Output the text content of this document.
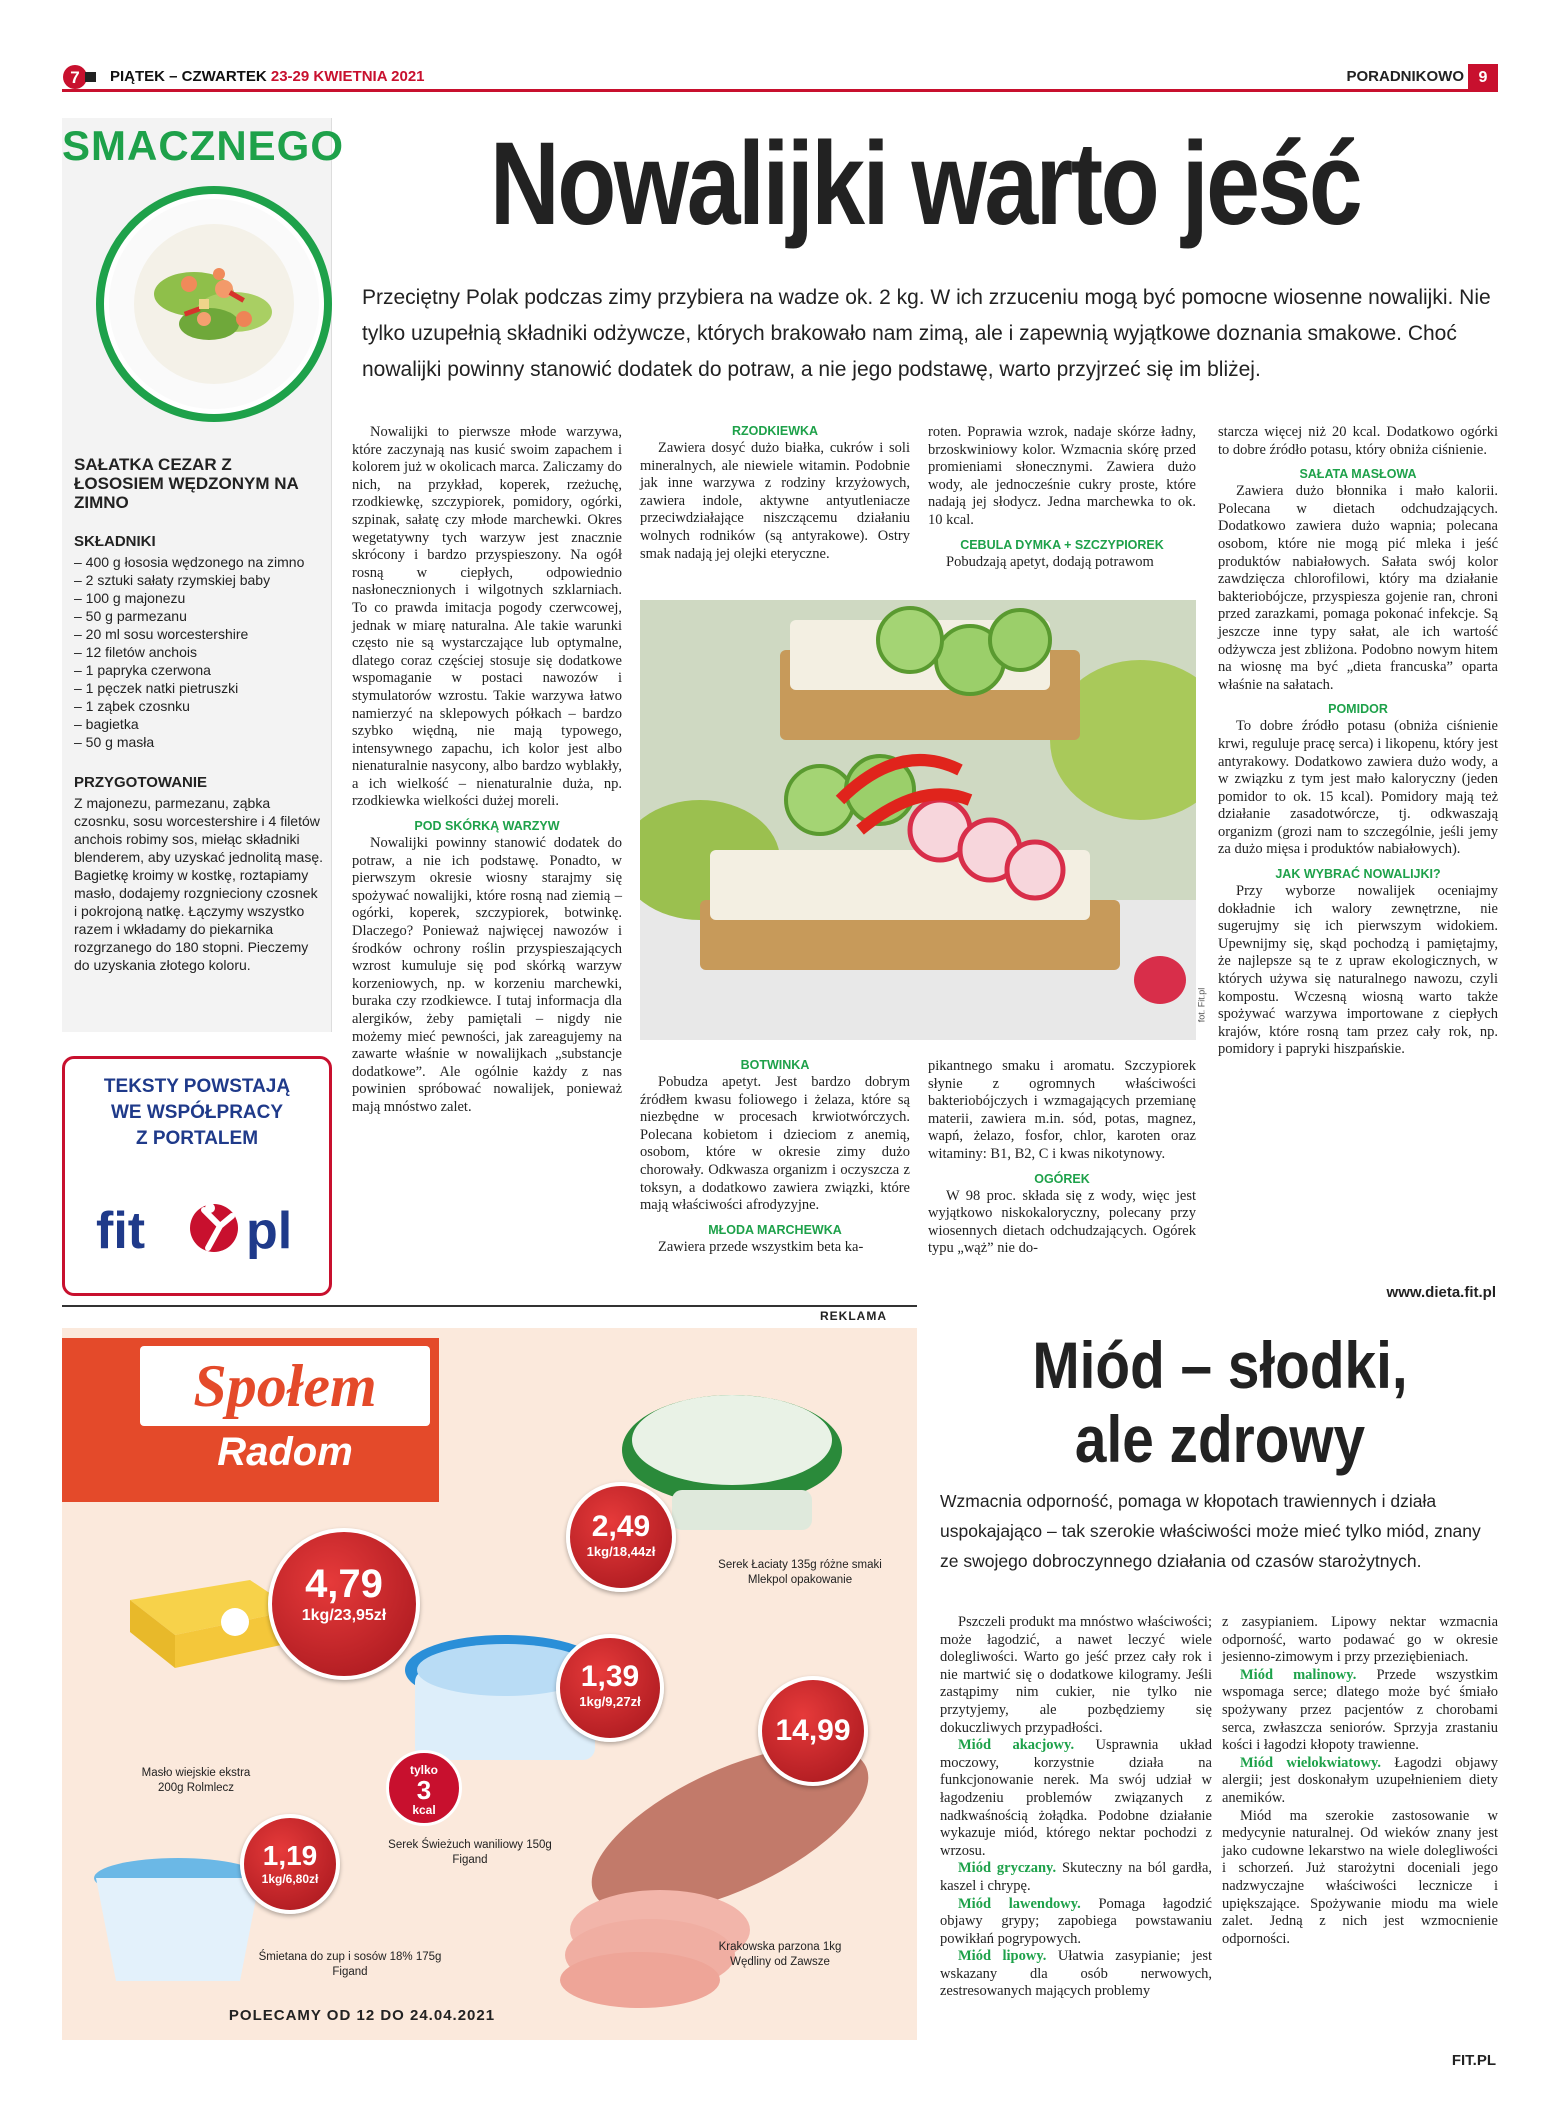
7 PIĄTEK – CZWARTEK 23-29 KWIETNIA 2021	PORADNIKOWO 9
SMACZNEGO
SAŁATKA CEZAR Z ŁOSOSIEM WĘDZONYM NA ZIMNO
SKŁADNIKI
– 400 g łososia wędzonego na zimno
– 2 sztuki sałaty rzymskiej baby
– 100 g majonezu
– 50 g parmezanu
– 20 ml sosu worcestershire
– 12 filetów anchois
– 1 papryka czerwona
– 1 pęczek natki pietruszki
– 1 ząbek czosnku
– bagietka
– 50 g masła
PRZYGOTOWANIE
Z majonezu, parmezanu, ząbka czosnku, sosu worcestershire i 4 filetów anchois robimy sos, miełąc składniki blenderem, aby uzyskać jednolitą masę. Bagietkę kroimy w kostkę, roztapiamy masło, dodajemy rozgnieciony czosnek i pokrojoną natkę. Łączymy wszystko razem i wkładamy do piekarnika rozgrzanego do 180 stopni. Pieczemy do uzyskania złotego koloru.
TEKSTY POWSTAJĄ
WE WSPÓŁPRACY
Z PORTALEM
fit pl
Nowalijki warto jeść
Przeciętny Polak podczas zimy przybiera na wadze ok. 2 kg. W ich zrzuceniu mogą być pomocne wiosenne nowalijki. Nie tylko uzupełnią składniki odżywcze, których brakowało nam zimą, ale i zapewnią wyjątkowe doznania smakowe. Choć nowalijki powinny stanowić dodatek do potraw, a nie jego podstawę, warto przyjrzeć się im bliżej.

Nowalijki to pierwsze młode warzywa, które zaczynają nas kusić swoim zapachem i kolorem już w okolicach marca. Zaliczamy do nich, na przykład, koperek, rzeżuchę, rzodkiewkę, szczypiorek, pomidory, ogórki, szpinak, sałatę czy młode marchewki. Okres wegetatywny tych warzyw jest znacznie skrócony i bardzo przyspieszony. Na ogół rosną w ciepłych, odpowiednio nasłonecznionych i wilgotnych szklarniach. To co prawda imitacja pogody czerwcowej, jednak w miarę naturalna. Ale takie warunki często nie są wystarczające lub optymalne, dlatego coraz częściej stosuje się dodatkowe wspomaganie w postaci nawozów i stymulatorów wzrostu. Takie warzywa łatwo namierzyć na sklepowych półkach – bardzo szybko więdną, nie mają typowego, intensywnego zapachu, ich kolor jest albo nienaturalnie nasycony, albo bardzo wyblakły, a ich wielkość – nienaturalnie duża, np. rzodkiewka wielkości dużej moreli.

POD SKÓRKĄ WARZYW

Nowalijki powinny stanowić dodatek do potraw, a nie ich podstawę. Ponadto, w pierwszym okresie wiosny starajmy się spożywać nowalijki, które rosną nad ziemią – ogórki, koperek, szczypiorek, botwinkę. Dlaczego? Ponieważ najwięcej nawozów i środków ochrony roślin przyspieszających wzrost kumuluje się pod skórką warzyw korzeniowych, np. w korzeniu marchewki, buraka czy rzodkiewce. I tutaj informacja dla alergików, żeby pamiętali – nigdy nie możemy mieć pewności, jak zareagujemy na zawarte właśnie w nowalijkach „substancje dodatkowe”. Ale ogólnie każdy z nas powinien spróbować nowalijek, ponieważ mają mnóstwo zalet.

RZODKIEWKA

Zawiera dosyć dużo białka, cukrów i soli mineralnych, ale niewiele witamin. Podobnie jak inne warzywa z rodziny krzyżowych, zawiera indole, aktywne antyutleniacze przeciwdziałające niszczącemu działaniu wolnych rodników (są antyrakowe). Ostry smak nadają jej olejki eteryczne.

roten. Poprawia wzrok, nadaje skórze ładny, brzoskwiniowy kolor. Wzmacnia skórę przed promieniami słonecznymi. Zawiera dużo wody, ale jednocześnie cukry proste, które nadają jej słodycz. Jedna marchewka to ok. 10 kcal.

CEBULA DYMKA + SZCZYPIOREK

Pobudzają apetyt, dodają potrawom

fot. Fit.pl
BOTWINKA

Pobudza apetyt. Jest bardzo dobrym źródłem kwasu foliowego i żelaza, które są niezbędne w procesach krwiotwórczych. Polecana kobietom i dzieciom z anemią, osobom, które w okresie zimy dużo chorowały. Odkwasza organizm i oczyszcza z toksyn, a dodatkowo zawiera związki, które mają właściwości afrodyzyjne.

MŁODA MARCHEWKA

Zawiera przede wszystkim beta ka-

pikantnego smaku i aromatu. Szczypiorek słynie z ogromnych właściwości bakteriobójczych i wzmagających przemianę materii, zawiera m.in. sód, potas, magnez, wapń, żelazo, fosfor, chlor, karoten oraz witaminy: B1, B2, C i kwas nikotynowy.

OGÓREK

W 98 proc. składa się z wody, więc jest wyjątkowo niskokaloryczny, polecany przy wiosennych dietach odchudzających. Ogórek typu „wąż” nie do-

starcza więcej niż 20 kcal. Dodatkowo ogórki to dobre źródło potasu, który obniża ciśnienie.

SAŁATA MASŁOWA

Zawiera dużo błonnika i mało kalorii. Polecana w dietach odchudzających. Dodatkowo zawiera dużo wapnia; polecana osobom, które nie mogą pić mleka i jeść produktów nabiałowych. Sałata swój kolor zawdzięcza chlorofilowi, który ma działanie bakteriobójcze, przyspiesza gojenie ran, chroni przed zarazkami, pomaga pokonać infekcje. Są jeszcze inne typy sałat, ale ich wartość odżywcza jest zbliżona. Podobno nowym hitem na wiosnę ma być „dieta francuska” oparta właśnie na sałatach.

POMIDOR

To dobre źródło potasu (obniża ciśnienie krwi, reguluje pracę serca) i likopenu, który jest antyrakowy. Dodatkowo zawiera dużo wody, a w związku z tym jest mało kaloryczny (jeden pomidor to ok. 15 kcal). Pomidory mają też działanie zasadotwórcze, tj. odkwaszają organizm (grozi nam to szczególnie, jeśli jemy za dużo mięsa i produktów nabiałowych).

JAK WYBRAĆ NOWALIJKI?

Przy wyborze nowalijek oceniajmy dokładnie ich walory zewnętrzne, nie sugerujmy się ich pierwszym widokiem. Upewnijmy się, skąd pochodzą i pamiętajmy, że najlepsze są te z upraw ekologicznych, w których używa się naturalnego nawozu, czyli kompostu. Wczesną wiosną warto także spożywać warzywa importowane z ciepłych krajów, które rosną tam przez cały rok, np. pomidory i papryki hiszpańskie.

www.dieta.fit.pl
REKLAMA
Społem
Radom
4,79
1kg/23,95zł
2,49
1kg/18,44zł
1,39
1kg/9,27zł
14,99
1,19
1kg/6,80zł
tylko
3
kcal
Masło wiejskie ekstra
200g Rolmlecz
Serek Łaciaty 135g różne smaki
Mlekpol opakowanie
Serek Świeżuch waniliowy 150g
Figand
Krakowska parzona 1kg
Wędliny od Zawsze
Śmietana do zup i sosów 18% 175g
Figand
POLECAMY OD 12 DO 24.04.2021
Miód – słodki,
ale zdrowy
Wzmacnia odporność, pomaga w kłopotach trawiennych i działa uspokajająco – tak szerokie właściwości może mieć tylko miód, znany ze swojego dobroczynnego działania od czasów starożytnych.

Pszczeli produkt ma mnóstwo właściwości; może łagodzić, a nawet leczyć wiele dolegliwości. Warto go jeść przez cały rok i nie martwić się o dodatkowe kilogramy. Jeśli zastąpimy nim cukier, nie tylko nie przytyjemy, ale pozbędziemy się dokuczliwych przypadłości.

Miód akacjowy. Usprawnia układ moczowy, korzystnie działa na funkcjonowanie nerek. Ma swój udział w łagodzeniu problemów związanych z nadkwaśnością żołądka. Podobne działanie wykazuje miód, którego nektar pochodzi z wrzosu.

Miód gryczany. Skuteczny na ból gardła, kaszel i chrypę.

Miód lawendowy. Pomaga łagodzić objawy grypy; zapobiega powstawaniu powikłań pogrypowych.

Miód lipowy. Ułatwia zasypianie; jest wskazany dla osób nerwowych, zestresowanych mających problemy

z zasypianiem. Lipowy nektar wzmacnia odporność, warto podawać go w okresie jesienno-zimowym i przy przeziębieniach.

Miód malinowy. Przede wszystkim wspomaga serce; dlatego może być śmiało spożywany przez pacjentów z chorobami serca, zwłaszcza seniorów. Sprzyja zrastaniu kości i łagodzi kłopoty trawienne.

Miód wielokwiatowy. Łagodzi objawy alergii; jest doskonałym uzupełnieniem diety anemików.

Miód ma szerokie zastosowanie w medycynie naturalnej. Od wieków znany jest jako cudowne lekarstwo na wiele dolegliwości i schorzeń. Już starożytni doceniali jego nadzwyczajne właściwości lecznicze i upiększające. Spożywanie miodu ma wiele zalet. Jedną z nich jest wzmocnienie odporności.

FIT.PL
